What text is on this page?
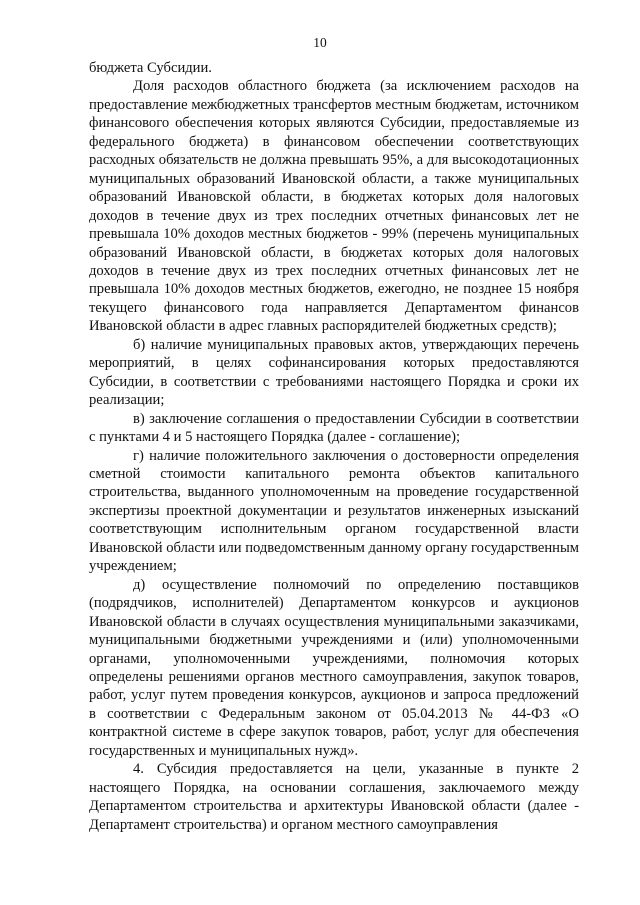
10

бюджета Субсидии.

Доля расходов областного бюджета (за исключением расходов на предоставление межбюджетных трансфертов местным бюджетам, источником финансового обеспечения которых являются Субсидии, предоставляемые из федерального бюджета) в финансовом обеспечении соответствующих расходных обязательств не должна превышать 95%, а для высокодотационных муниципальных образований Ивановской области, а также муниципальных образований Ивановской области, в бюджетах которых доля налоговых доходов в течение двух из трех последних отчетных финансовых лет не превышала 10% доходов местных бюджетов - 99% (перечень муниципальных образований Ивановской области, в бюджетах которых доля налоговых доходов в течение двух из трех последних отчетных финансовых лет не превышала 10% доходов местных бюджетов, ежегодно, не позднее 15 ноября текущего финансового года направляется Департаментом финансов Ивановской области в адрес главных распорядителей бюджетных средств);

б) наличие муниципальных правовых актов, утверждающих перечень мероприятий, в целях софинансирования которых предоставляются Субсидии, в соответствии с требованиями настоящего Порядка и сроки их реализации;

в) заключение соглашения о предоставлении Субсидии в соответствии с пунктами 4 и 5 настоящего Порядка (далее - соглашение);

г) наличие положительного заключения о достоверности определения сметной стоимости капитального ремонта объектов капитального строительства, выданного уполномоченным на проведение государственной экспертизы проектной документации и результатов инженерных изысканий соответствующим исполнительным органом государственной власти Ивановской области или подведомственным данному органу государственным учреждением;

д) осуществление полномочий по определению поставщиков (подрядчиков, исполнителей) Департаментом конкурсов и аукционов Ивановской области в случаях осуществления муниципальными заказчиками, муниципальными бюджетными учреждениями и (или) уполномоченными органами, уполномоченными учреждениями, полномочия которых определены решениями органов местного самоуправления, закупок товаров, работ, услуг путем проведения конкурсов, аукционов и запроса предложений в соответствии с Федеральным законом от 05.04.2013 № 44-ФЗ «О контрактной системе в сфере закупок товаров, работ, услуг для обеспечения государственных и муниципальных нужд».

4. Субсидия предоставляется на цели, указанные в пункте 2 настоящего Порядка, на основании соглашения, заключаемого между Департаментом строительства и архитектуры Ивановской области (далее - Департамент строительства) и органом местного самоуправления
